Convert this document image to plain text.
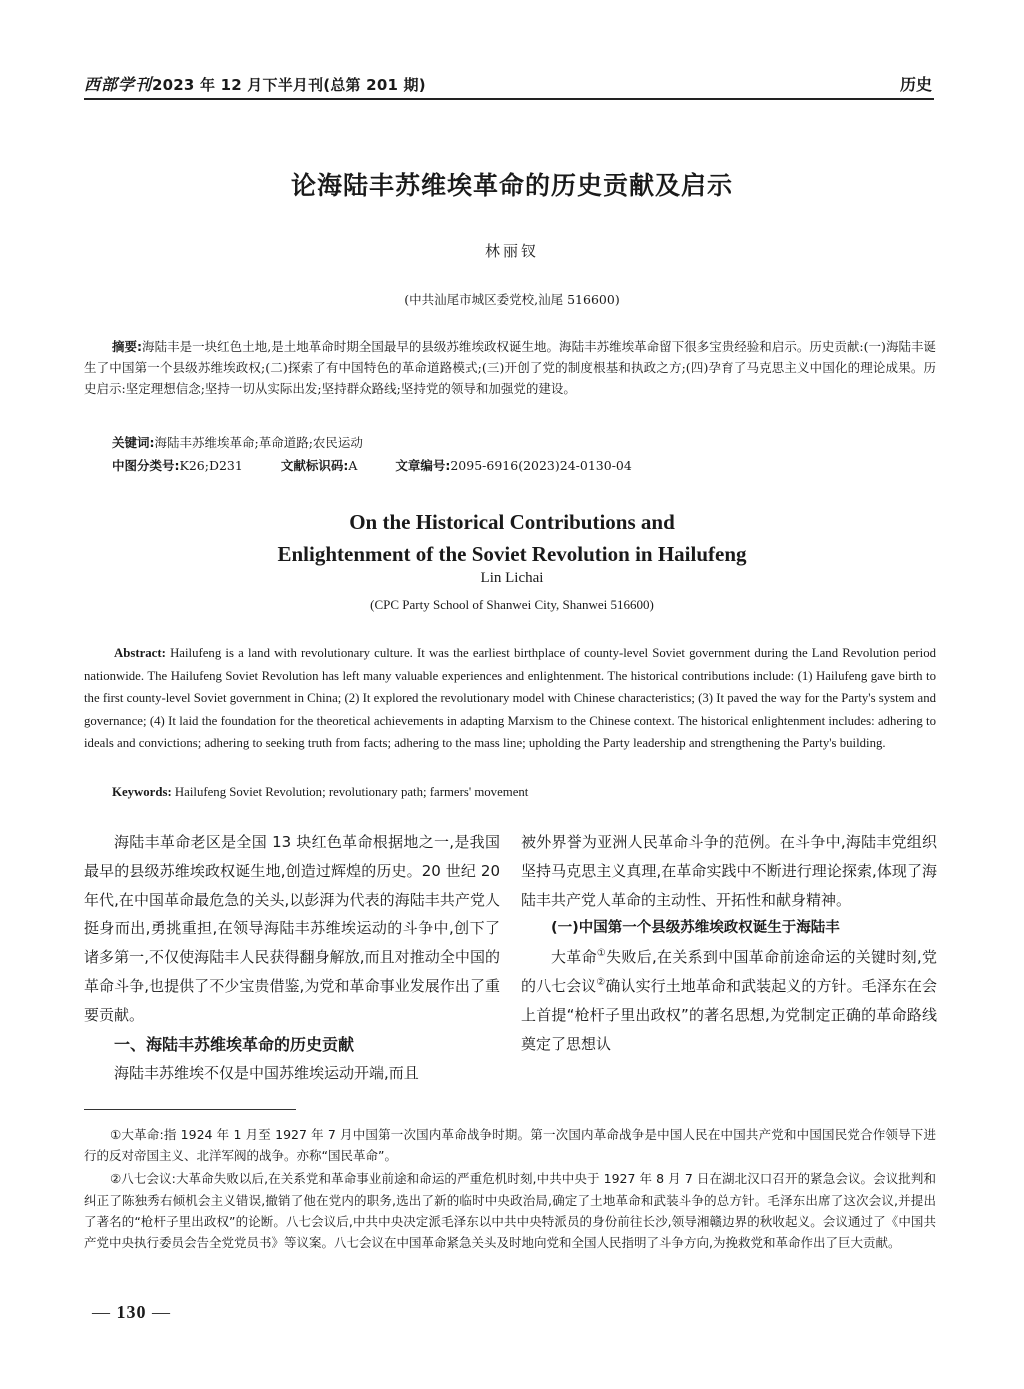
西部学刊2023 年 12 月下半月刊(总第 201 期)	历史
论海陆丰苏维埃革命的历史贡献及启示
林丽钗
(中共汕尾市城区委党校,汕尾 516600)
摘要:海陆丰是一块红色土地,是土地革命时期全国最早的县级苏维埃政权诞生地。海陆丰苏维埃革命留下很多宝贵经验和启示。历史贡献:(一)海陆丰诞生了中国第一个县级苏维埃政权;(二)探索了有中国特色的革命道路模式;(三)开创了党的制度根基和执政之方;(四)孕育了马克思主义中国化的理论成果。历史启示:坚定理想信念;坚持一切从实际出发;坚持群众路线;坚持党的领导和加强党的建设。
关键词:海陆丰苏维埃革命;革命道路;农民运动
中图分类号:K26;D231	文献标识码:A	文章编号:2095-6916(2023)24-0130-04
On the Historical Contributions and
Enlightenment of the Soviet Revolution in Hailufeng
Lin Lichai
(CPC Party School of Shanwei City, Shanwei 516600)
Abstract: Hailufeng is a land with revolutionary culture. It was the earliest birthplace of county-level Soviet government during the Land Revolution period nationwide. The Hailufeng Soviet Revolution has left many valuable experiences and enlightenment. The historical contributions include: (1) Hailufeng gave birth to the first county-level Soviet government in China; (2) It explored the revolutionary model with Chinese characteristics; (3) It paved the way for the Party's system and governance; (4) It laid the foundation for the theoretical achievements in adapting Marxism to the Chinese context. The historical enlightenment includes: adhering to ideals and convictions; adhering to seeking truth from facts; adhering to the mass line; upholding the Party leadership and strengthening the Party's building.
Keywords: Hailufeng Soviet Revolution; revolutionary path; farmers' movement

海陆丰革命老区是全国 13 块红色革命根据地之一,是我国最早的县级苏维埃政权诞生地,创造过辉煌的历史。20 世纪 20 年代,在中国革命最危急的关头,以彭湃为代表的海陆丰共产党人挺身而出,勇挑重担,在领导海陆丰苏维埃运动的斗争中,创下了诸多第一,不仅使海陆丰人民获得翻身解放,而且对推动全中国的革命斗争,也提供了不少宝贵借鉴,为党和革命事业发展作出了重要贡献。

一、海陆丰苏维埃革命的历史贡献

海陆丰苏维埃不仅是中国苏维埃运动开端,而且

被外界誉为亚洲人民革命斗争的范例。在斗争中,海陆丰党组织坚持马克思主义真理,在革命实践中不断进行理论探索,体现了海陆丰共产党人革命的主动性、开拓性和献身精神。

(一)中国第一个县级苏维埃政权诞生于海陆丰

大革命①失败后,在关系到中国革命前途命运的关键时刻,党的八七会议②确认实行土地革命和武装起义的方针。毛泽东在会上首提“枪杆子里出政权”的著名思想,为党制定正确的革命路线奠定了思想认

①大革命:指 1924 年 1 月至 1927 年 7 月中国第一次国内革命战争时期。第一次国内革命战争是中国人民在中国共产党和中国国民党合作领导下进行的反对帝国主义、北洋军阀的战争。亦称“国民革命”。

②八七会议:大革命失败以后,在关系党和革命事业前途和命运的严重危机时刻,中共中央于 1927 年 8 月 7 日在湖北汉口召开的紧急会议。会议批判和纠正了陈独秀右倾机会主义错误,撤销了他在党内的职务,选出了新的临时中央政治局,确定了土地革命和武装斗争的总方针。毛泽东出席了这次会议,并提出了著名的“枪杆子里出政权”的论断。八七会议后,中共中央决定派毛泽东以中共中央特派员的身份前往长沙,领导湘赣边界的秋收起义。会议通过了《中国共产党中央执行委员会告全党党员书》等议案。八七会议在中国革命紧急关头及时地向党和全国人民指明了斗争方向,为挽救党和革命作出了巨大贡献。

— 130 —
